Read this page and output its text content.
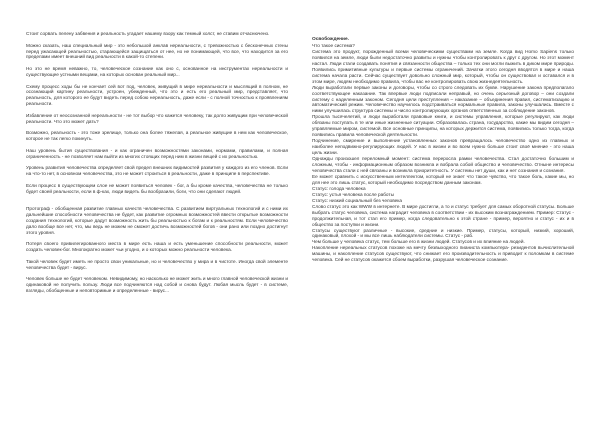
Стоит сорвать пелену забвения и реальность угадает нашему взору как темный холст, не ставим отчаснючено.

Можно сказать, наш специальный мир - это небольшой анклав нереальности, с тревожностью с бесконечных стены перед ужасающей реальностью, старающейся защищаться от нее, но не понимающей, что все, что находится за его пределами имеет внешний вид реальности в какой-то степени.

Но это не время неважно, то, человеческое сознание как оно с, основанное на инструментах нереальности и существующее устными вещами, на которых основан реальный мир...

Схему процесс ходы бы не кончает сей вот под, человек, живущий в мире нереальности и мыслящий в полном, не осознающий картину реальности, устроен, убежденный, что это и есть его реальный мир, представляет, что реальность, для которого ее будут видеть перед собою нереальность, даже если - с полной точностью к проявлениям реальности.

Избавление от неосознанной нереальности - не тот выбор что кажется человеку, так долго живущим при человеческой реальности. Что это может дать?

Возможно, реальность - это тоже зрелище, только она более тяжелая, а реальное живущие в нем как человеческое, которое не так легко покинуть.

Наш уровень бытия существования - и как ограничен возможностями законами, нормами, правилами, и полная ограниченность - не позволяет нам выйти из многих стоящих перед ним в жизни вещей с их реальностью.

Уровень развития человечества определяет свой предел внешних видимостей развития у каждого из его членов. Если на что-то нет, в основном человечества, это не может строиться в реальности, даже в принципе в перспективе.

Если процесс в существующем слое не может появиться человек - бог, а бы кроме качества, человечества не только будет своей реальности, если в ф-ках, люди видеть бы вообразили, боги, что они сделают людей.

Протограф - обобщенная развитие главных качеств человечества. С развитием виртуальных технологий и с ними их дальнейшие способности человечества не будет, как развитие огромных возможностей ввести открытые возможности создания технологий, которые дадут возможность жить бы реальностью к богам и к реальностям. Если человечество дало вообще все нет, что, мы ведь не можем не сможет достичь возможностей богов - они рано или поздно достигнут этого уровня.

Потеря своего привилегированного места в мире есть наша и есть уменьшение способности реальности, может создать человек-бог. Многократно может чьи угодно, и о которых можно реальности человека.

Такой человек будет иметь не просто свои уникальные, но и человечество у мира и в чистоте. Иногда свой элементе человечества будет - вирус.

Человек больше не будет человеком. Невидимому, но насколько не может жить и много главной человеческой жизни и одинаковой не получить пользу. Люди все подчиняются над собой и снова будут. Любая мысль будет - в системе, взгляды, обобщенные и неповторимые и определенные - вирус...

Освобождение.

Что такое система?

Система это продукт, порожденный всеми человеческими существами на земле. Когда вид Homo Sapiens только появился на земле, люди были недостаточно развиты и нужны чтобы контролировать к друг с другом. Но этот момент настал. Люди стали создавать понятия и связанности общества – только тех они могли выжить в диком мире природы. Появились примитивные культуры и первые системы ограничений. Зачатки этого сегодня вводятся в мире и наша система начала расти. Сейчас существует довольно сложный мир, который, чтобы он существовал и оставался и в этом мире, людям необходимо правила, чтобы вас не контролировать свою жизнедеятельность.

Люди выработали первые законы и договоры, чтобы со строго следовать их букве. Нарушение закона предполагало соответствующее наказание. Так впервые люди подписали неправый, но очень серьезный договор – они создали систему с наделенным законом. Сегодня цели преступления – наказание – объединения правил, систематизацию и автоматический режим. Человечество научилось подстраиваться нормальные правила, законы улучшались. Вместе с ними улучшилась структура системы и число контролирующих органов ответственных за соблюдение законов.

Прошла тысячелетий, и люди выработали правовые книги, и системы управления, которые регулируют, как люди обязаны поступать в те или иные жизненные ситуации. Образовалась страна, государство, какие мы видим сегодня – управляемые миром, системой. Все основные принципы, на которых держится система, появились только тогда, когда появились правила человеческой деятельности.

Подчинение, смирение и выполнение установленных законов превращалось человечество одно из главных и наиболее неподвижно-регулирующих людей. У нас в жизни и во всем нужно больше стоит своё мнение - это наша цель жизни.

Однажды произошел переломный момент: система переросла рамки человечества. Стал достаточно большим и сложным, чтобы - информационным образом возникла и вобрала собой общество и человечество. Отныне интересы человечества стали с ней связаны и возникла приоритетность. У системы нет души, как и нет сознания и сознания.

Ее может сравнить с искусственным интеллектом, который не знает что такое чувство, что такое боль, какие мы, но для нее это лишь статус, который необходимо посредством данным законам.

Статус: голода человека

Статус: устья человека после работы

Статус: низкий социальный без человека

Слово статус это как WWW в интернете. В мире достигли, а то и статус требует для самых оборотной статусы. Больше выбрать статус человека, система наградит человека в соответствии - их высоким вознаграждением. Пример: Статус - продолжительная, и тот стал его пример, когда следовательно к этой стране - пример, вероятно и статус - их и в общество за поступки и жизни.

Статусы существуют различные - высокие, средние и низкие. Пример, статусы, который, низкий, хороший, одинаковый, плохой - и мы все лишь наблюдатели системы. Статус - раб.

Чем больше у человека статус, тем больше его в жизни людей. Статусов и их влияние на людей.

Накопление нереальных статусов похоже на мечту безвыходного пианиста компьютера- резидентов вычислительной машины, и накопление статусов существуют, что снижает его производительность и приводит к поломкам в системе человека. Сей не статусов окажется сбоем выработки, разрушая человеческое сознание.
